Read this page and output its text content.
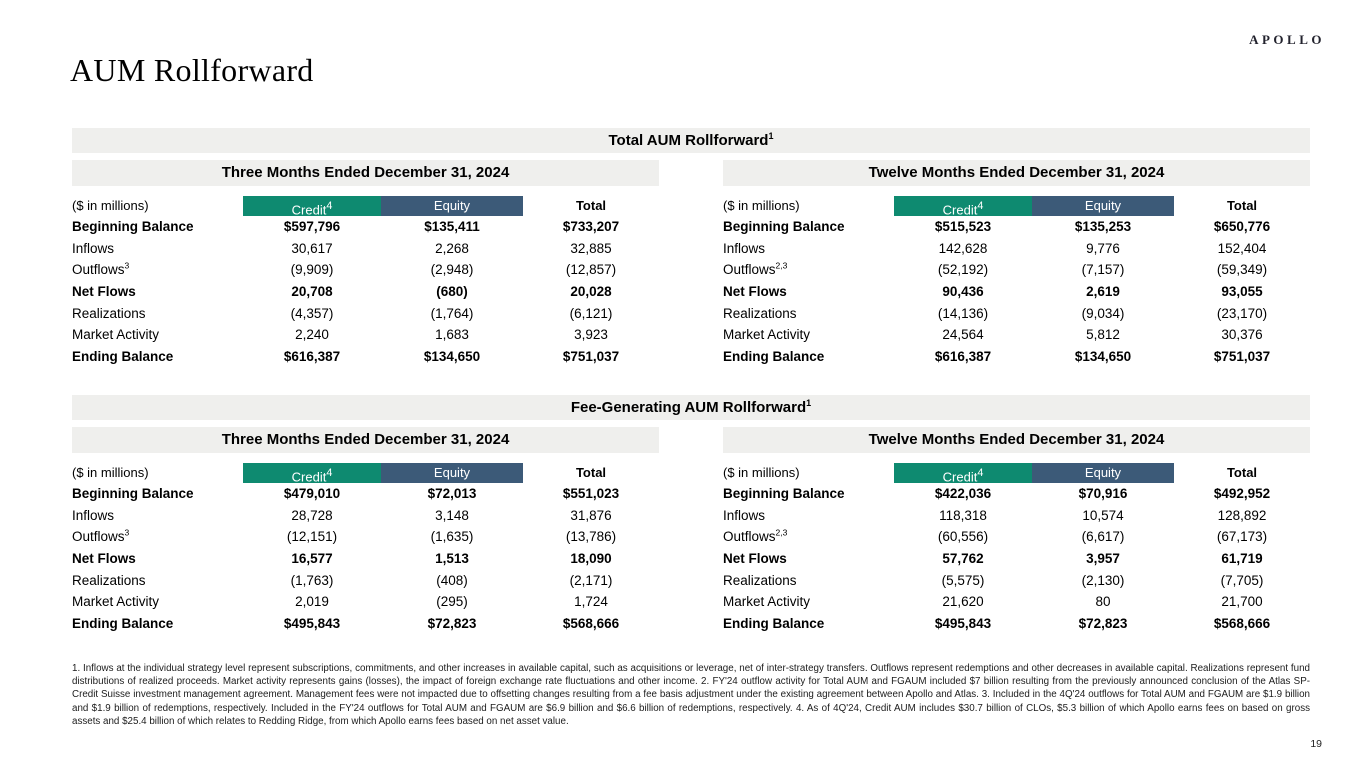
APOLLO
AUM Rollforward
Total AUM Rollforward$^1$
Three Months Ended December 31, 2024
($ in millions)	Credit$^4$	Equity	Total
Beginning Balance	$597,796	$135,411	$733,207
Inflows	30,617	2,268	32,885
Outflows$^3$	(9,909)	(2,948)	(12,857)
Net Flows	20,708	(680)	20,028
Realizations	(4,357)	(1,764)	(6,121)
Market Activity	2,240	1,683	3,923
Ending Balance	$616,387	$134,650	$751,037
Twelve Months Ended December 31, 2024
($ in millions)	Credit$^4$	Equity	Total
Beginning Balance	$515,523	$135,253	$650,776
Inflows	142,628	9,776	152,404
Outflows$^{2,3}$	(52,192)	(7,157)	(59,349)
Net Flows	90,436	2,619	93,055
Realizations	(14,136)	(9,034)	(23,170)
Market Activity	24,564	5,812	30,376
Ending Balance	$616,387	$134,650	$751,037
Fee-Generating AUM Rollforward$^1$
Three Months Ended December 31, 2024
($ in millions)	Credit$^4$	Equity	Total
Beginning Balance	$479,010	$72,013	$551,023
Inflows	28,728	3,148	31,876
Outflows$^3$	(12,151)	(1,635)	(13,786)
Net Flows	16,577	1,513	18,090
Realizations	(1,763)	(408)	(2,171)
Market Activity	2,019	(295)	1,724
Ending Balance	$495,843	$72,823	$568,666
Twelve Months Ended December 31, 2024
($ in millions)	Credit$^4$	Equity	Total
Beginning Balance	$422,036	$70,916	$492,952
Inflows	118,318	10,574	128,892
Outflows$^{2,3}$	(60,556)	(6,617)	(67,173)
Net Flows	57,762	3,957	61,719
Realizations	(5,575)	(2,130)	(7,705)
Market Activity	21,620	80	21,700
Ending Balance	$495,843	$72,823	$568,666
1. Inflows at the individual strategy level represent subscriptions, commitments, and other increases in available capital, such as acquisitions or leverage, net of inter-strategy transfers. Outflows represent redemptions and other decreases in available capital. Realizations represent fund distributions of realized proceeds. Market activity represents gains (losses), the impact of foreign exchange rate fluctuations and other income. 2. FY'24 outflow activity for Total AUM and FGAUM included $7 billion resulting from the previously announced conclusion of the Atlas SP-Credit Suisse investment management agreement. Management fees were not impacted due to offsetting changes resulting from a fee basis adjustment under the existing agreement between Apollo and Atlas. 3. Included in the 4Q'24 outflows for Total AUM and FGAUM are $1.9 billion and $1.9 billion of redemptions, respectively. Included in the FY'24 outflows for Total AUM and FGAUM are $6.9 billion and $6.6 billion of redemptions, respectively. 4. As of 4Q'24, Credit AUM includes $30.7 billion of CLOs, $5.3 billion of which Apollo earns fees on based on gross assets and $25.4 billion of which relates to Redding Ridge, from which Apollo earns fees based on net asset value.
19
